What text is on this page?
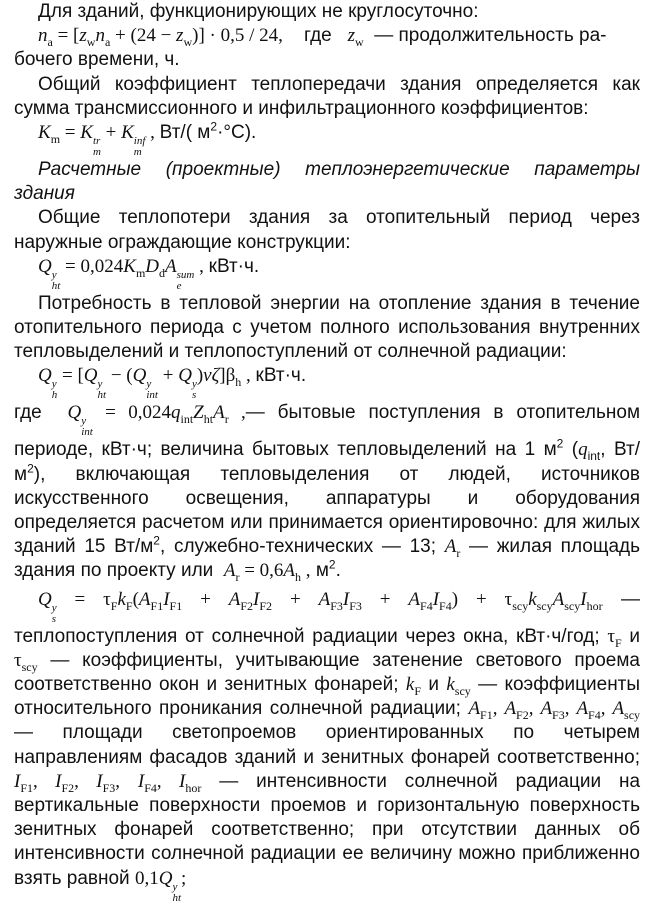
Для зданий, функционирующих не круглосуточно:

$n_a = [z_wn_a + (24 - z_w)] \cdot 0,5 / 24$, где $z_w$ — продолжительность ра-

бочего времени, ч.

Общий коэффициент теплопередачи здания определяется как сумма трансмиссионного и инфильтрационного коэффициентов:

$K_m = K$ tr
m
+ K inf
m
, Вт/( $м^2\cdot^\circ С$).

Расчетные (проектные) теплоэнергетические параметры здания

Общие теплопотери здания за отопительный период через наружные ограждающие конструкции:

Q y
ht
= $0,024K_mD_dA$ sum
e
, кВт·ч.

Потребность в тепловой энергии на отопление здания в течение отопительного периода с учетом полного использования внутренних тепловыделений и теплопоступлений от солнечной радиации:

Q y
h
= [Q y
ht
− (Q y
int
+ Q y
s
)$\nu\zeta]\beta_h$ , кВт·ч.

где Q y
int
= $0,024q_{int}Z_{ht}A_r$ ,— бытовые поступления в отопительном периоде, кВт·ч; величина бытовых тепловыделений на 1 $м^2$ ($q_{int}$, $Вт/м^2$), включающая тепловыделения от людей, источников искусственного освещения, аппаратуры и оборудования определяется расчетом или принимается ориентировочно: для жилых зданий 15 $Вт/м^2$, служебно-технических — 13; $A_r$ — жилая площадь здания по проекту или $A_r = 0,6A_h$ , $м^2$.

Q y
s
= $\tau_Fk_F(A_{F1}I_{F1} + A_{F2}I_{F2} + A_{F3}I_{F3} + A_{F4}I_{F4}) + \tau_{scy}k_{scy}A_{scy}I_{hor}$ — теплопоступления от солнечной радиации через окна, кВт·ч/год; $\tau_F$ и $\tau_{scy}$ — коэффициенты, учитывающие затенение светового проема соответственно окон и зенитных фонарей; $k_F$ и $k_{scy}$ — коэффициенты относительного проникания солнечной радиации; $A_{F1}$, $A_{F2}$, $A_{F3}$, $A_{F4}$, $A_{scy}$ — площади светопроемов ориентированных по четырем направлениям фасадов зданий и зенитных фонарей соответственно; $I_{F1}$, $I_{F2}$, $I_{F3}$, $I_{F4}$, $I_{hor}$ — интенсивности солнечной радиации на вертикальные поверхности проемов и горизонтальную поверхность зенитных фонарей соответственно; при отсутствии данных об интенсивности солнечной радиации ее величину можно приближенно взять равной 0,1Q y
ht
;
